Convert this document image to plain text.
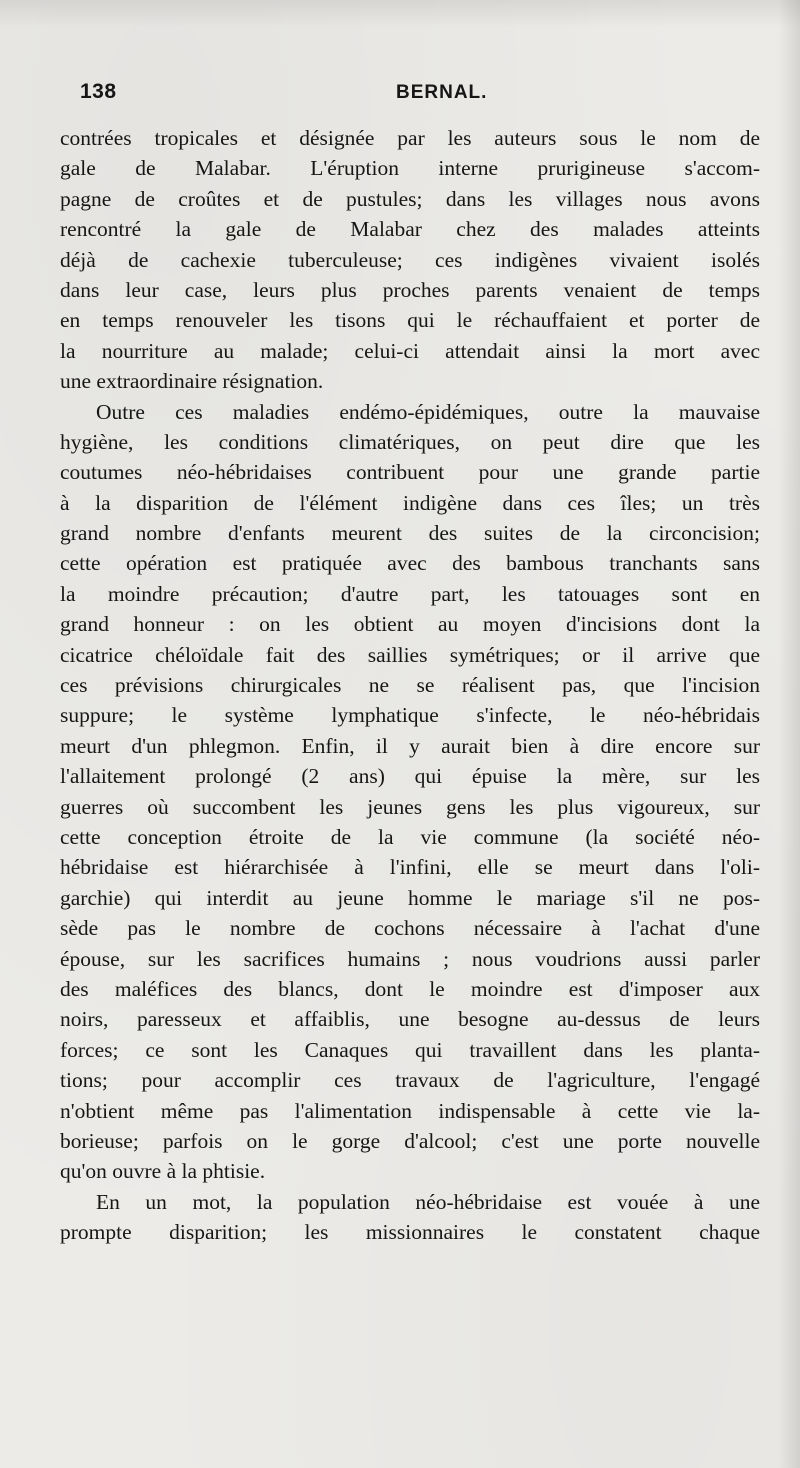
138	BERNAL.
contrées tropicales et désignée par les auteurs sous le nom de
gale de Malabar. L'éruption interne prurigineuse s'accom-
pagne de croûtes et de pustules; dans les villages nous avons
rencontré la gale de Malabar chez des malades atteints
déjà de cachexie tuberculeuse; ces indigènes vivaient isolés
dans leur case, leurs plus proches parents venaient de temps
en temps renouveler les tisons qui le réchauffaient et porter de
la nourriture au malade; celui-ci attendait ainsi la mort avec
une extraordinaire résignation.
Outre ces maladies endémo-épidémiques, outre la mauvaise
hygiène, les conditions climatériques, on peut dire que les
coutumes néo-hébridaises contribuent pour une grande partie
à la disparition de l'élément indigène dans ces îles; un très
grand nombre d'enfants meurent des suites de la circoncision;
cette opération est pratiquée avec des bambous tranchants sans
la moindre précaution; d'autre part, les tatouages sont en
grand honneur : on les obtient au moyen d'incisions dont la
cicatrice chéloïdale fait des saillies symétriques; or il arrive que
ces prévisions chirurgicales ne se réalisent pas, que l'incision
suppure; le système lymphatique s'infecte, le néo-hébridais
meurt d'un phlegmon. Enfin, il y aurait bien à dire encore sur
l'allaitement prolongé (2 ans) qui épuise la mère, sur les
guerres où succombent les jeunes gens les plus vigoureux, sur
cette conception étroite de la vie commune (la société néo-
hébridaise est hiérarchisée à l'infini, elle se meurt dans l'oli-
garchie) qui interdit au jeune homme le mariage s'il ne pos-
sède pas le nombre de cochons nécessaire à l'achat d'une
épouse, sur les sacrifices humains ; nous voudrions aussi parler
des maléfices des blancs, dont le moindre est d'imposer aux
noirs, paresseux et affaiblis, une besogne au-dessus de leurs
forces; ce sont les Canaques qui travaillent dans les planta-
tions; pour accomplir ces travaux de l'agriculture, l'engagé
n'obtient même pas l'alimentation indispensable à cette vie la-
borieuse; parfois on le gorge d'alcool; c'est une porte nouvelle
qu'on ouvre à la phtisie.
En un mot, la population néo-hébridaise est vouée à une
prompte disparition; les missionnaires le constatent chaque
